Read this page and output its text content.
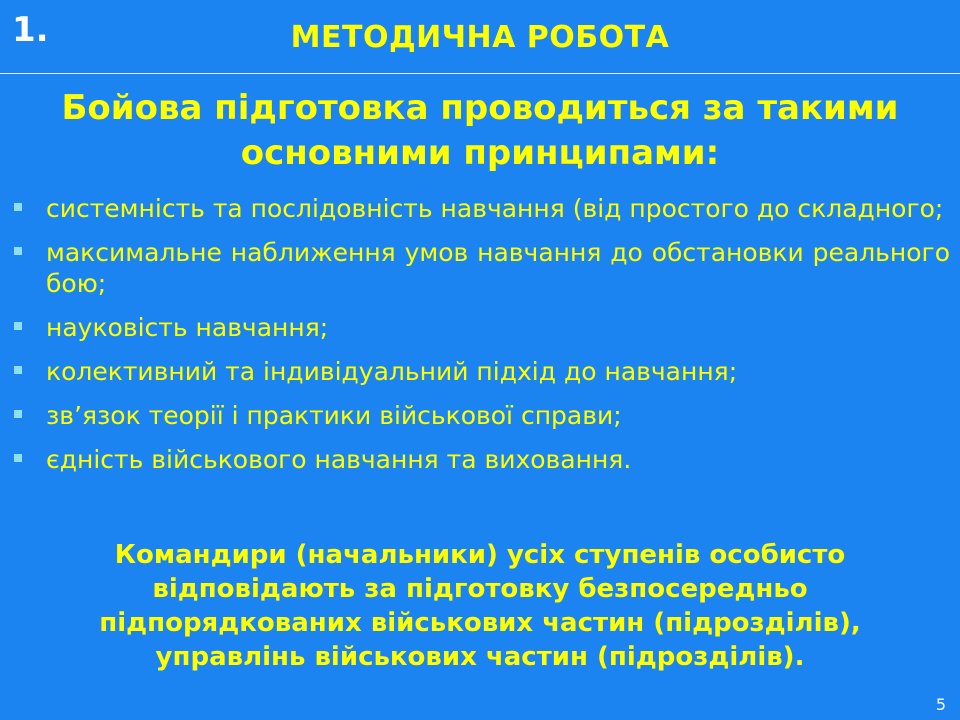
1.	МЕТОДИЧНА РОБОТА
Бойова підготовка проводиться за такими основними принципами:
системність та послідовність навчання (від простого до складного;
максимальне наближення умов навчання до обстановки реального бою;
науковість навчання;
колективний та індивідуальний підхід до навчання;
зв’язок теорії і практики військової справи;
єдність військового навчання та виховання.
Командири (начальники) усіх ступенів особисто відповідають за підготовку безпосередньо підпорядкованих військових частин (підрозділів), управлінь військових частин (підрозділів).
5
